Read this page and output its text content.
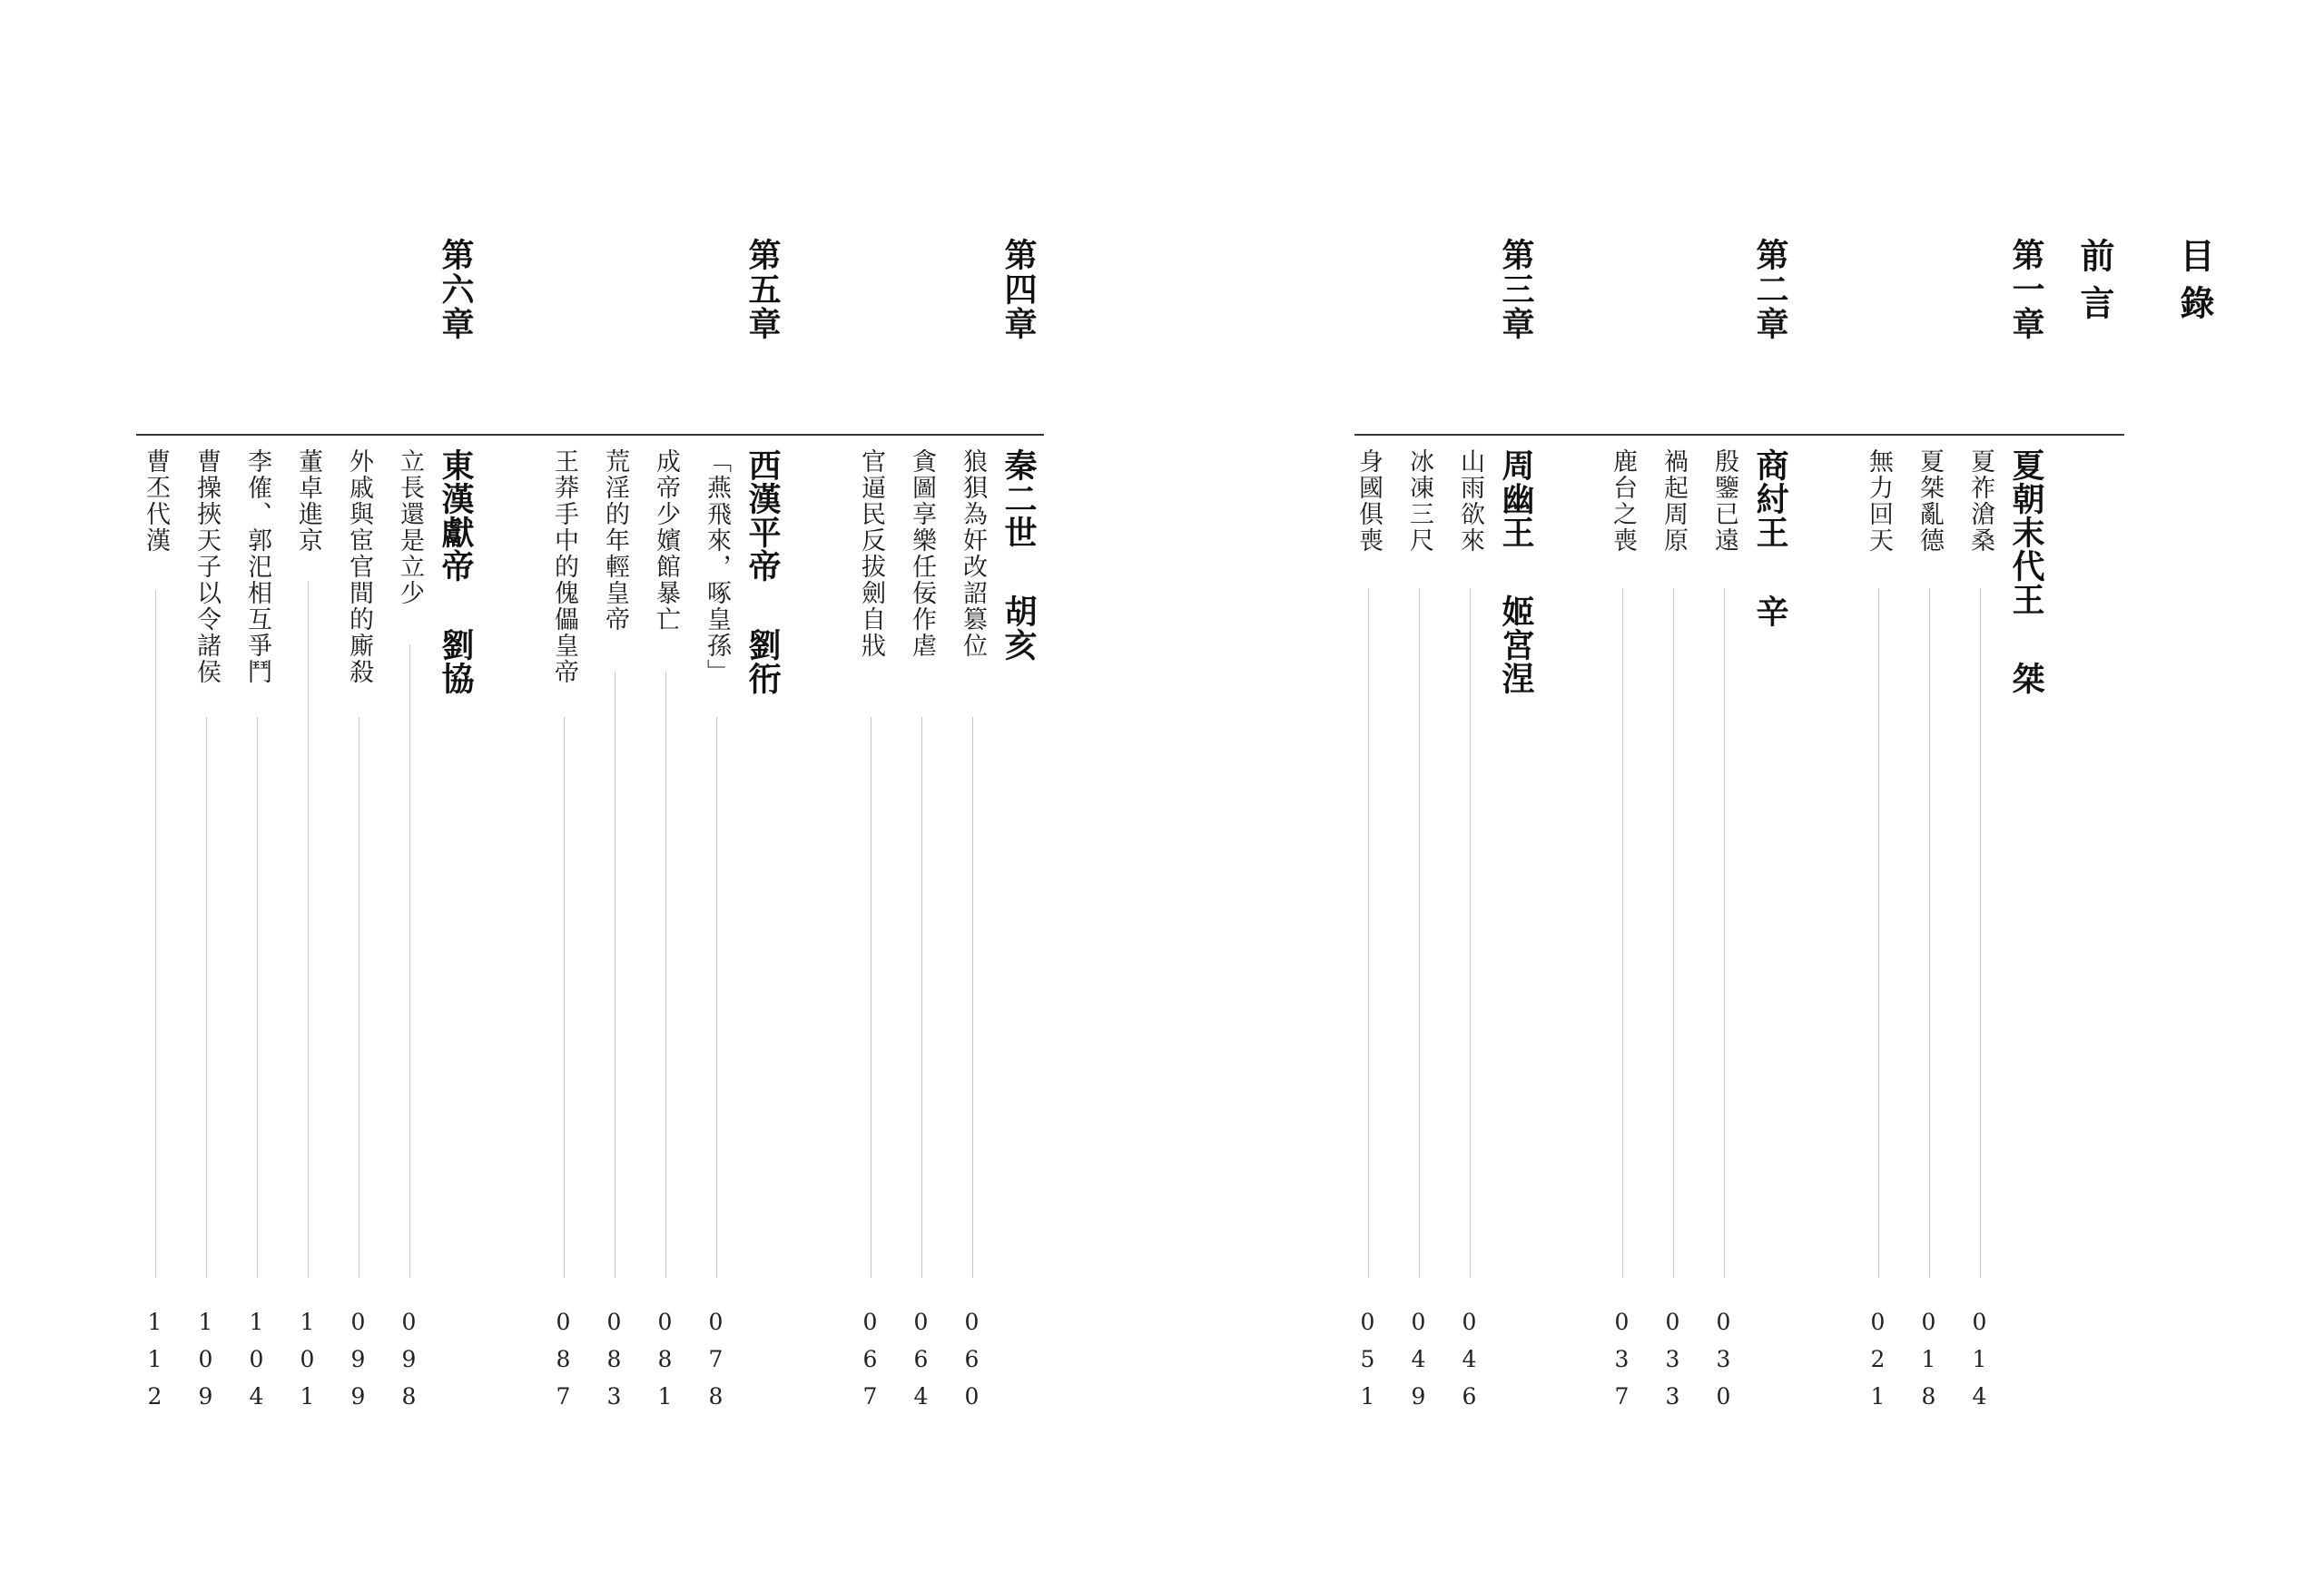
目錄
前言
第一章
夏朝末代王桀
夏祚滄桑
014
夏桀亂德
018
無力回天
021
第二章
商紂王辛
殷鑒已遠
030
禍起周原
033
鹿台之喪
037
第三章
周幽王姬宮涅
山雨欲來
046
冰凍三尺
049
身國俱喪
051
第四章
秦二世胡亥
狼狽為奸改詔篡位
060
貪圖享樂任佞作虐
064
官逼民反拔劍自戕
067
第五章
西漢平帝劉衎
「燕飛來，啄皇孫」
078
成帝少嬪館暴亡
081
荒淫的年輕皇帝
083
王莽手中的傀儡皇帝
087
第六章
東漢獻帝劉協
立長還是立少
098
外戚與宦官間的廝殺
099
董卓進京
101
李傕、郭汜相互爭鬥
104
曹操挾天子以令諸侯
109
曹丕代漢
112
